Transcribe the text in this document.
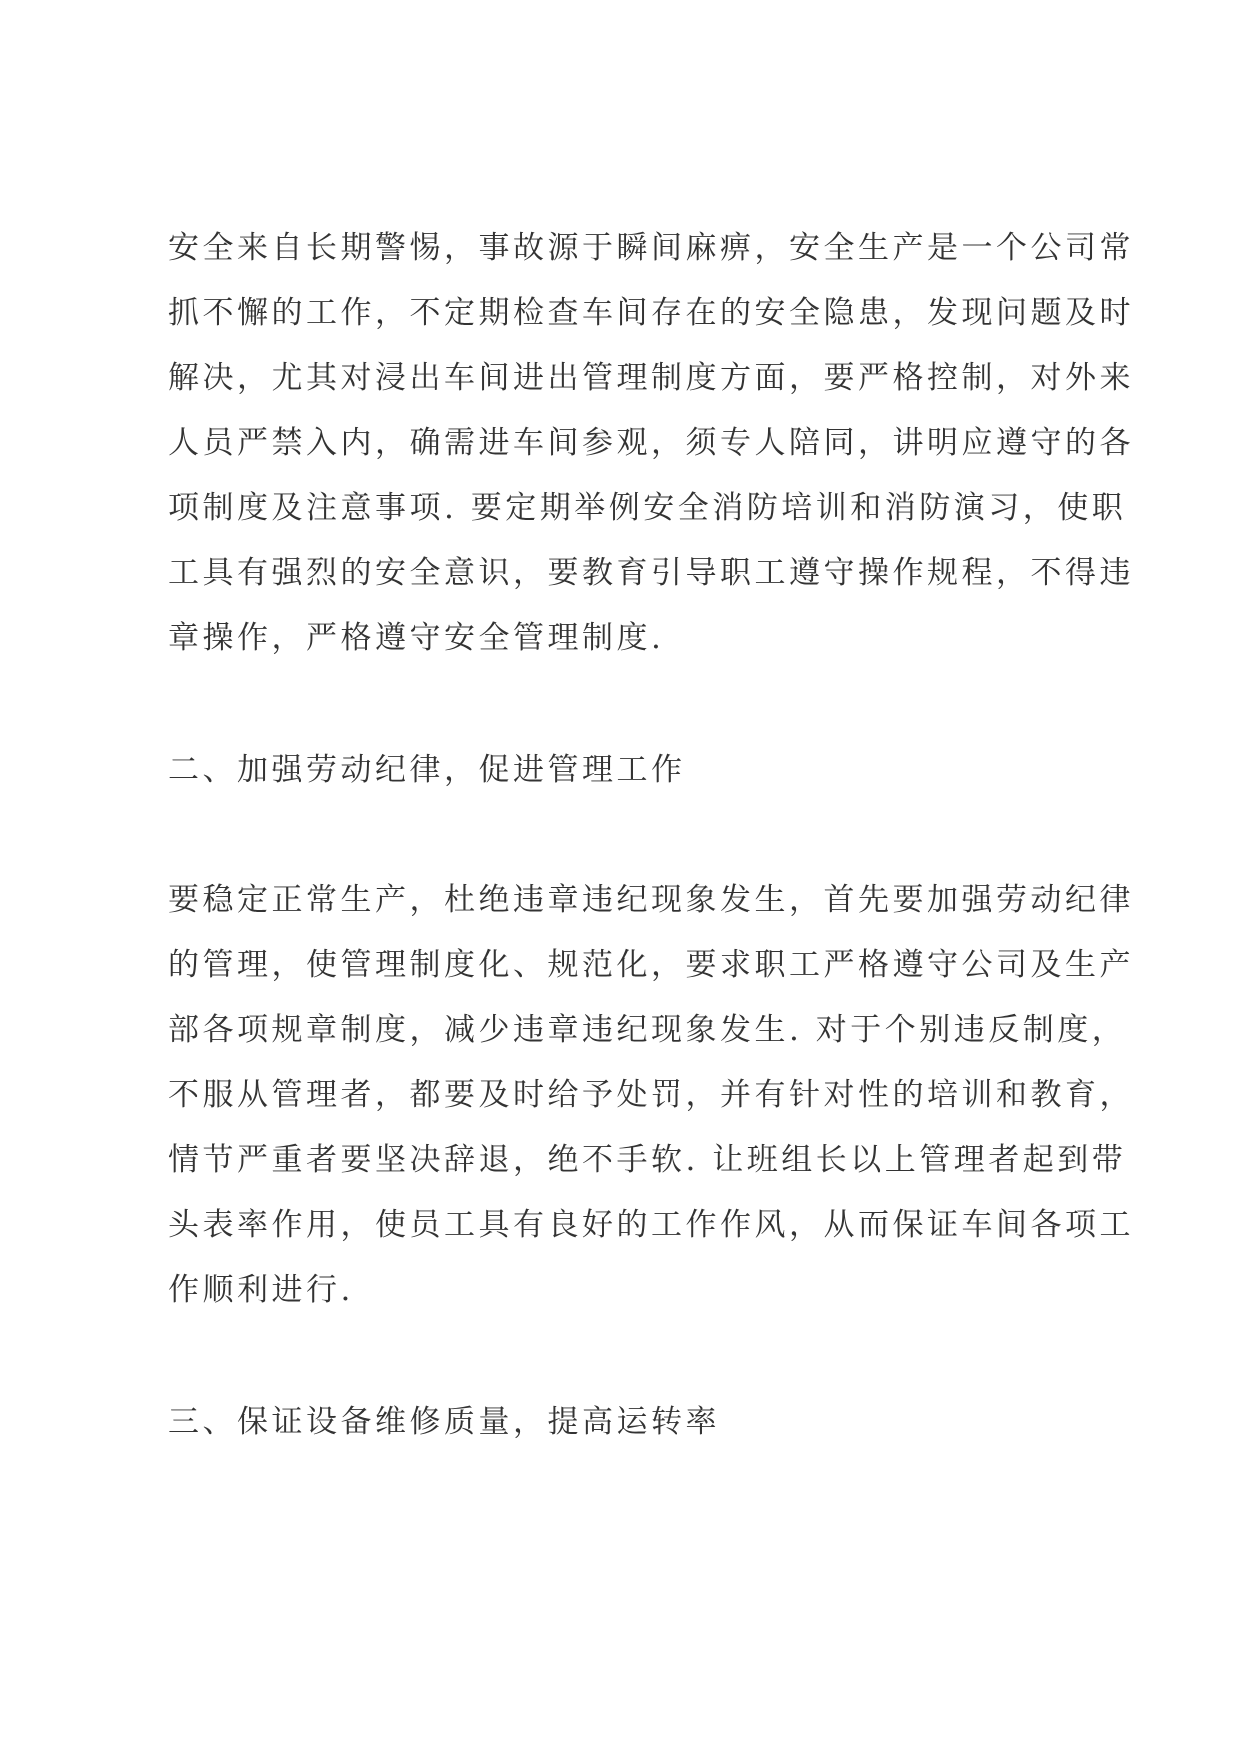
安全来自长期警惕，事故源于瞬间麻痹，安全生产是一个公司常
抓不懈的工作，不定期检查车间存在的安全隐患，发现问题及时
解决，尤其对浸出车间进出管理制度方面，要严格控制，对外来
人员严禁入内，确需进车间参观，须专人陪同，讲明应遵守的各
项制度及注意事项. 要定期举例安全消防培训和消防演习，使职
工具有强烈的安全意识，要教育引导职工遵守操作规程，不得违
章操作，严格遵守安全管理制度.
二、加强劳动纪律，促进管理工作
要稳定正常生产，杜绝违章违纪现象发生，首先要加强劳动纪律
的管理，使管理制度化、规范化，要求职工严格遵守公司及生产
部各项规章制度，减少违章违纪现象发生. 对于个别违反制度，
不服从管理者，都要及时给予处罚，并有针对性的培训和教育，
情节严重者要坚决辞退，绝不手软. 让班组长以上管理者起到带
头表率作用，使员工具有良好的工作作风，从而保证车间各项工
作顺利进行.
三、保证设备维修质量，提高运转率
